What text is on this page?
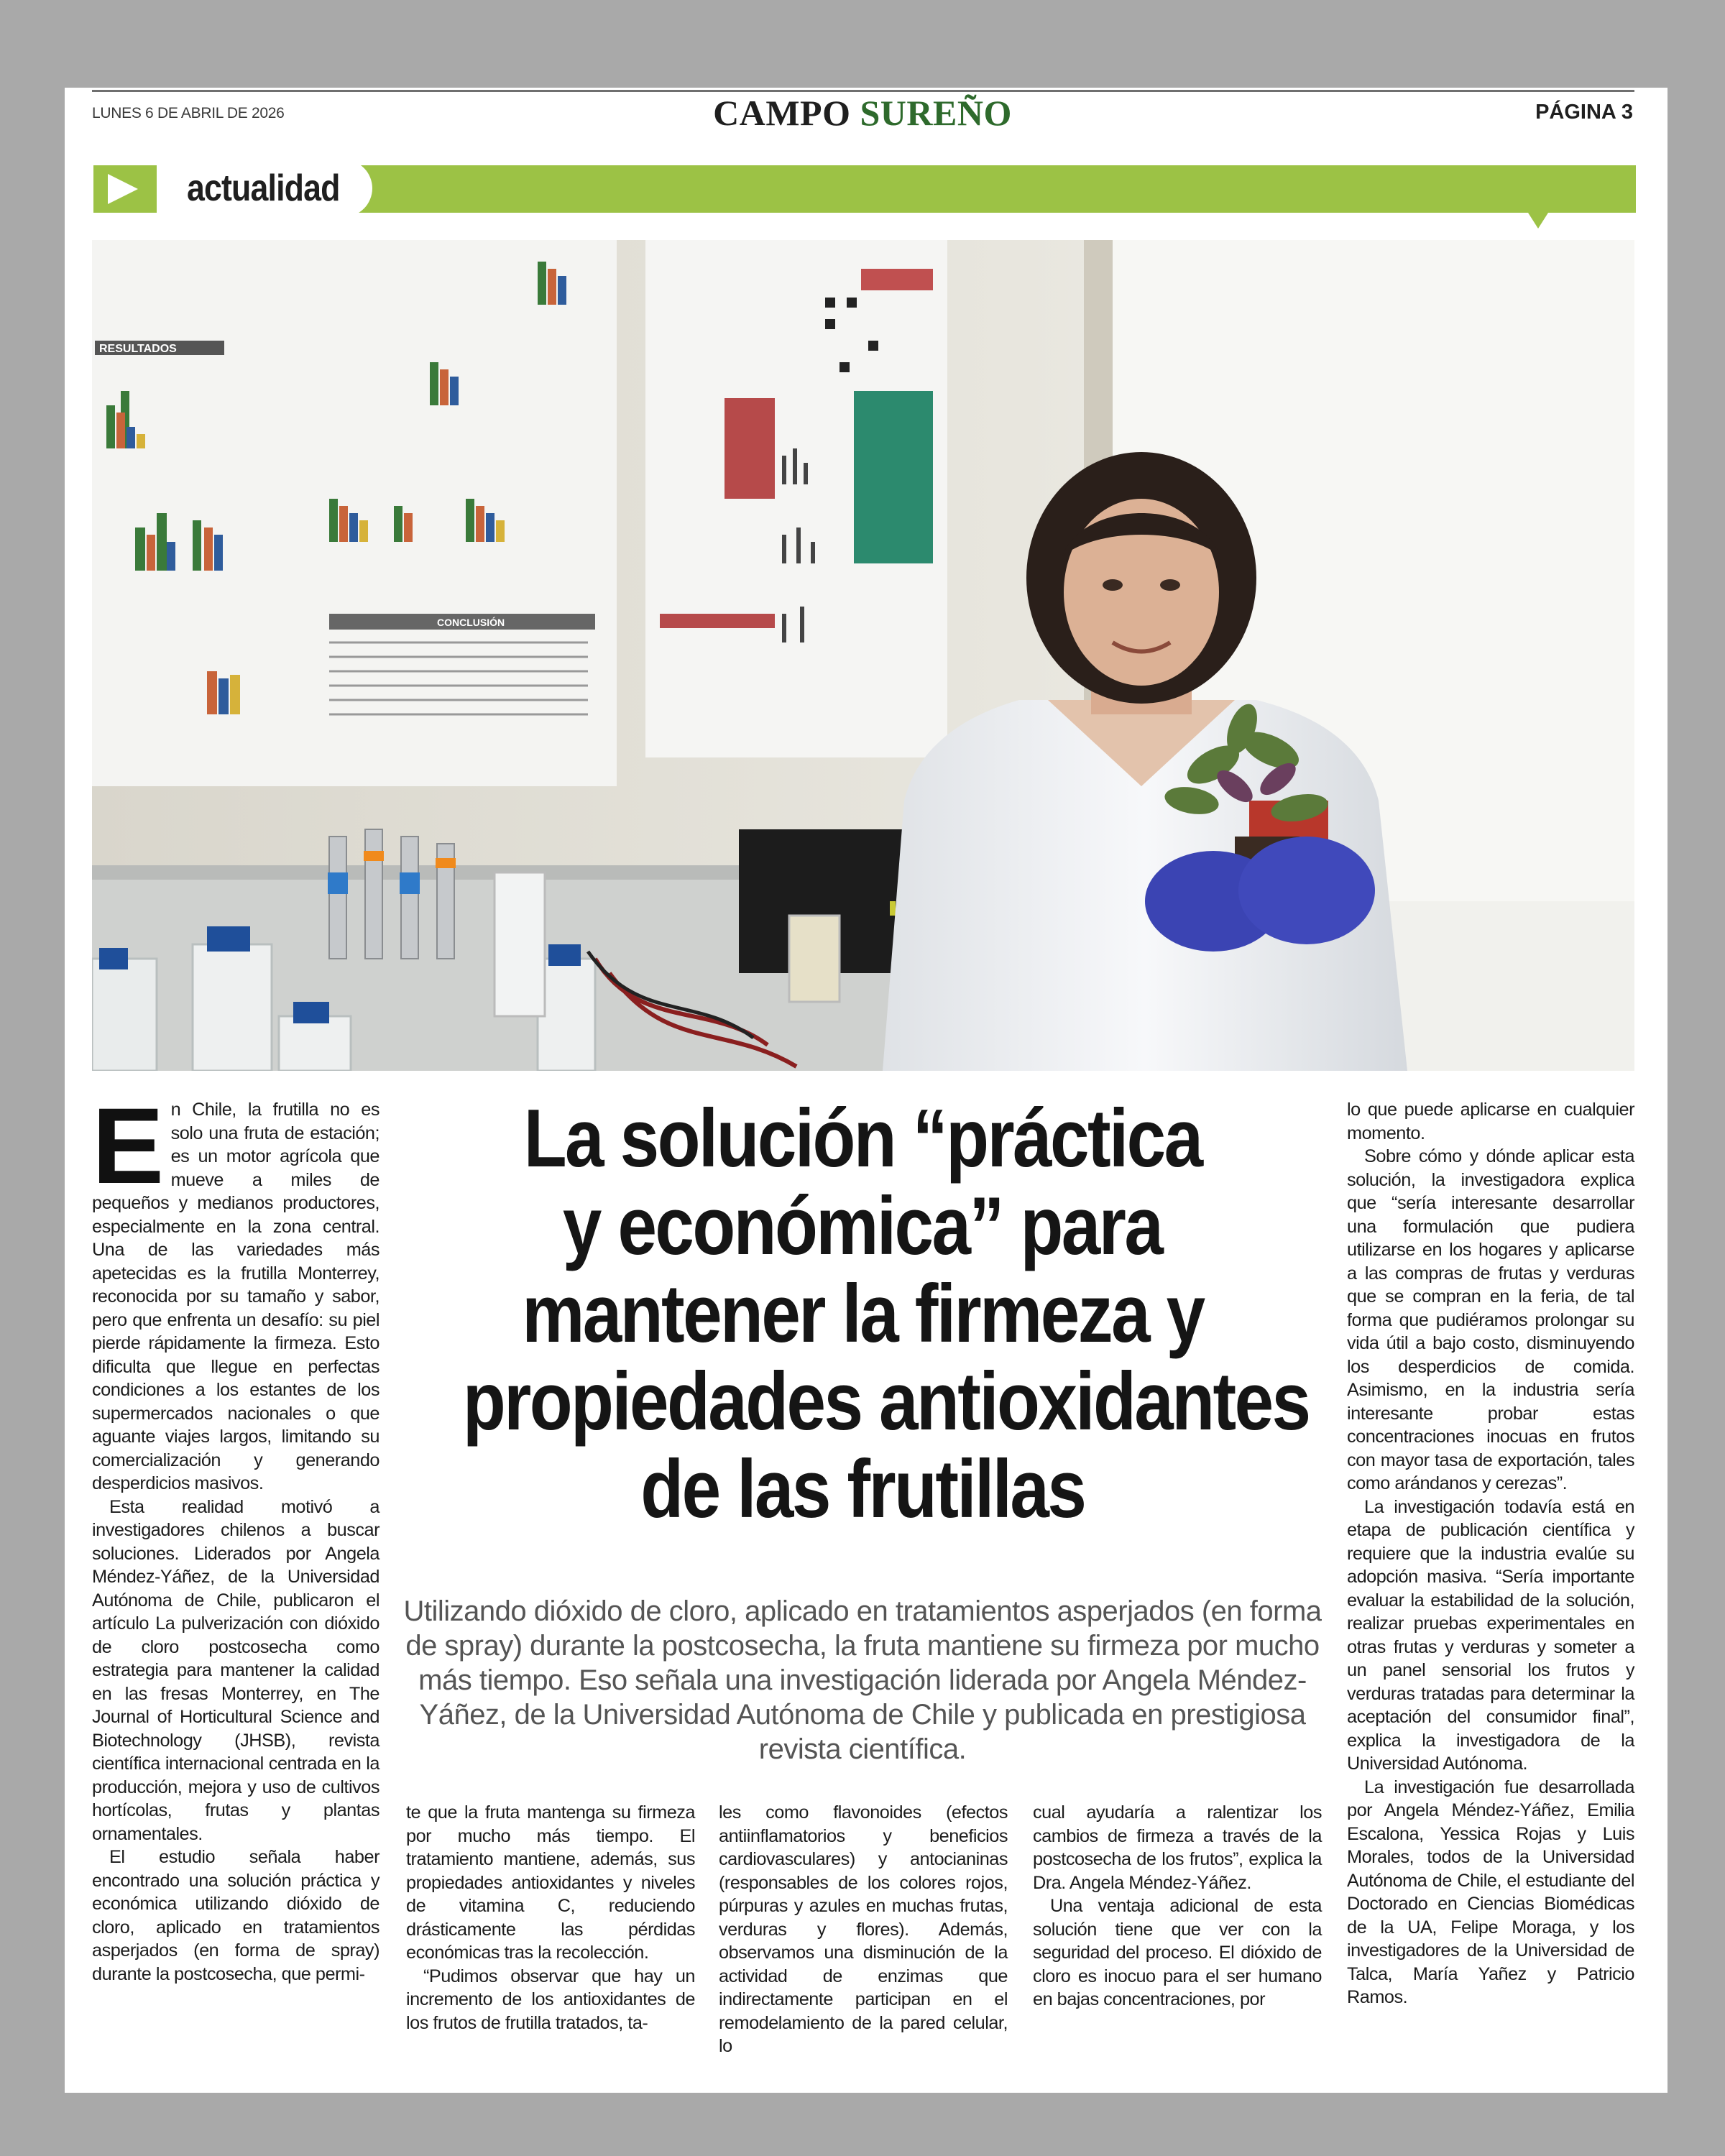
LUNES 6 DE ABRIL DE 2026	CAMPO SUREÑO	PÁGINA 3
actualidad
RESULTADOS
CONCLUSIÓN

En Chile, la frutilla no es solo una fruta de estación; es un motor agrícola que mueve a miles de pequeños y medianos productores, especialmente en la zona central. Una de las variedades más apetecidas es la frutilla Monterrey, reconocida por su tamaño y sabor, pero que enfrenta un desafío: su piel pierde rápidamente la firmeza. Esto dificulta que llegue en perfectas condiciones a los estantes de los supermercados nacionales o que aguante viajes largos, limitando su comercialización y generando desperdicios masivos.

Esta realidad motivó a investigadores chilenos a buscar soluciones. Liderados por Angela Méndez-Yáñez, de la Universidad Autónoma de Chile, publicaron el artículo La pulverización con dióxido de cloro postcosecha como estrategia para mantener la calidad en las fresas Monterrey, en The Journal of Horticultural Science and Biotechnology (JHSB), revista científica internacional centrada en la producción, mejora y uso de cultivos hortícolas, frutas y plantas ornamentales.

El estudio señala haber encontrado una solución práctica y económica utilizando dióxido de cloro, aplicado en tratamientos asperjados (en forma de spray) durante la postcosecha, que permi-

La solución “práctica
y económica” para
mantener la firmeza y
propiedades antioxidantes
de las frutillas
Utilizando dióxido de cloro, aplicado en tratamientos asperjados (en forma de spray) durante la postcosecha, la fruta mantiene su firmeza por mucho más tiempo. Eso señala una investigación liderada por Angela Méndez-Yáñez, de la Universidad Autónoma de Chile y publicada en prestigiosa revista científica.

te que la fruta mantenga su firmeza por mucho más tiempo. El tratamiento mantiene, además, sus propiedades antioxidantes y niveles de vitamina C, reduciendo drásticamente las pérdidas económicas tras la recolección.

“Pudimos observar que hay un incremento de los antioxidantes de los frutos de frutilla tratados, ta-

les como flavonoides (efectos antiinflamatorios y beneficios cardiovasculares) y antocianinas (responsables de los colores rojos, púrpuras y azules en muchas frutas, verduras y flores). Además, observamos una disminución de la actividad de enzimas que indirectamente participan en el remodelamiento de la pared celular, lo

cual ayudaría a ralentizar los cambios de firmeza a través de la postcosecha de los frutos”, explica la Dra. Angela Méndez-Yáñez.

Una ventaja adicional de esta solución tiene que ver con la seguridad del proceso. El dióxido de cloro es inocuo para el ser humano en bajas concentraciones, por

lo que puede aplicarse en cualquier momento.

Sobre cómo y dónde aplicar esta solución, la investigadora explica que “sería interesante desarrollar una formulación que pudiera utilizarse en los hogares y aplicarse a las compras de frutas y verduras que se compran en la feria, de tal forma que pudiéramos prolongar su vida útil a bajo costo, disminuyendo los desperdicios de comida. Asimismo, en la industria sería interesante probar estas concentraciones inocuas en frutos con mayor tasa de exportación, tales como arándanos y cerezas”.

La investigación todavía está en etapa de publicación científica y requiere que la industria evalúe su adopción masiva. “Sería importante evaluar la estabilidad de la solución, realizar pruebas experimentales en otras frutas y verduras y someter a un panel sensorial los frutos y verduras tratadas para determinar la aceptación del consumidor final”, explica la investigadora de la Universidad Autónoma.

La investigación fue desarrollada por Angela Méndez-Yáñez, Emilia Escalona, Yessica Rojas y Luis Morales, todos de la Universidad Autónoma de Chile, el estudiante del Doctorado en Ciencias Biomédicas de la UA, Felipe Moraga, y los investigadores de la Universidad de Talca, María Yañez y Patricio Ramos.
